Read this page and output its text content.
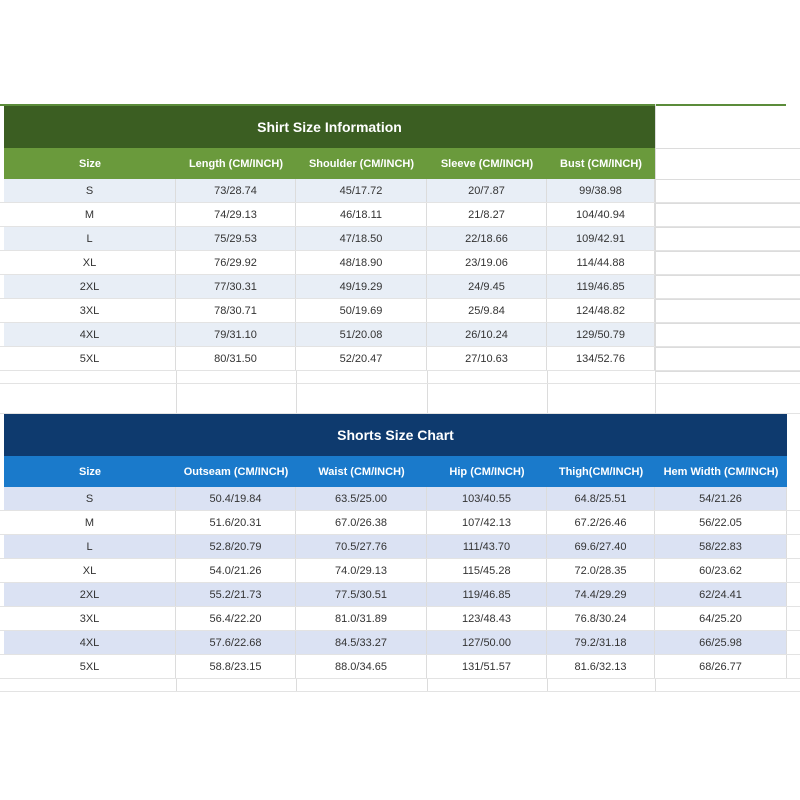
Shirt Size Information
Size	Length (CM/INCH)	Shoulder (CM/INCH)	Sleeve (CM/INCH)	Bust (CM/INCH)
S	73/28.74	45/17.72	20/7.87	99/38.98
M	74/29.13	46/18.11	21/8.27	104/40.94
L	75/29.53	47/18.50	22/18.66	109/42.91
XL	76/29.92	48/18.90	23/19.06	114/44.88
2XL	77/30.31	49/19.29	24/9.45	119/46.85
3XL	78/30.71	50/19.69	25/9.84	124/48.82
4XL	79/31.10	51/20.08	26/10.24	129/50.79
5XL	80/31.50	52/20.47	27/10.63	134/52.76
Shorts Size Chart
Size	Outseam (CM/INCH)	Waist (CM/INCH)	Hip (CM/INCH)	Thigh(CM/INCH)	Hem Width (CM/INCH)
S	50.4/19.84	63.5/25.00	103/40.55	64.8/25.51	54/21.26
M	51.6/20.31	67.0/26.38	107/42.13	67.2/26.46	56/22.05
L	52.8/20.79	70.5/27.76	111/43.70	69.6/27.40	58/22.83
XL	54.0/21.26	74.0/29.13	115/45.28	72.0/28.35	60/23.62
2XL	55.2/21.73	77.5/30.51	119/46.85	74.4/29.29	62/24.41
3XL	56.4/22.20	81.0/31.89	123/48.43	76.8/30.24	64/25.20
4XL	57.6/22.68	84.5/33.27	127/50.00	79.2/31.18	66/25.98
5XL	58.8/23.15	88.0/34.65	131/51.57	81.6/32.13	68/26.77
